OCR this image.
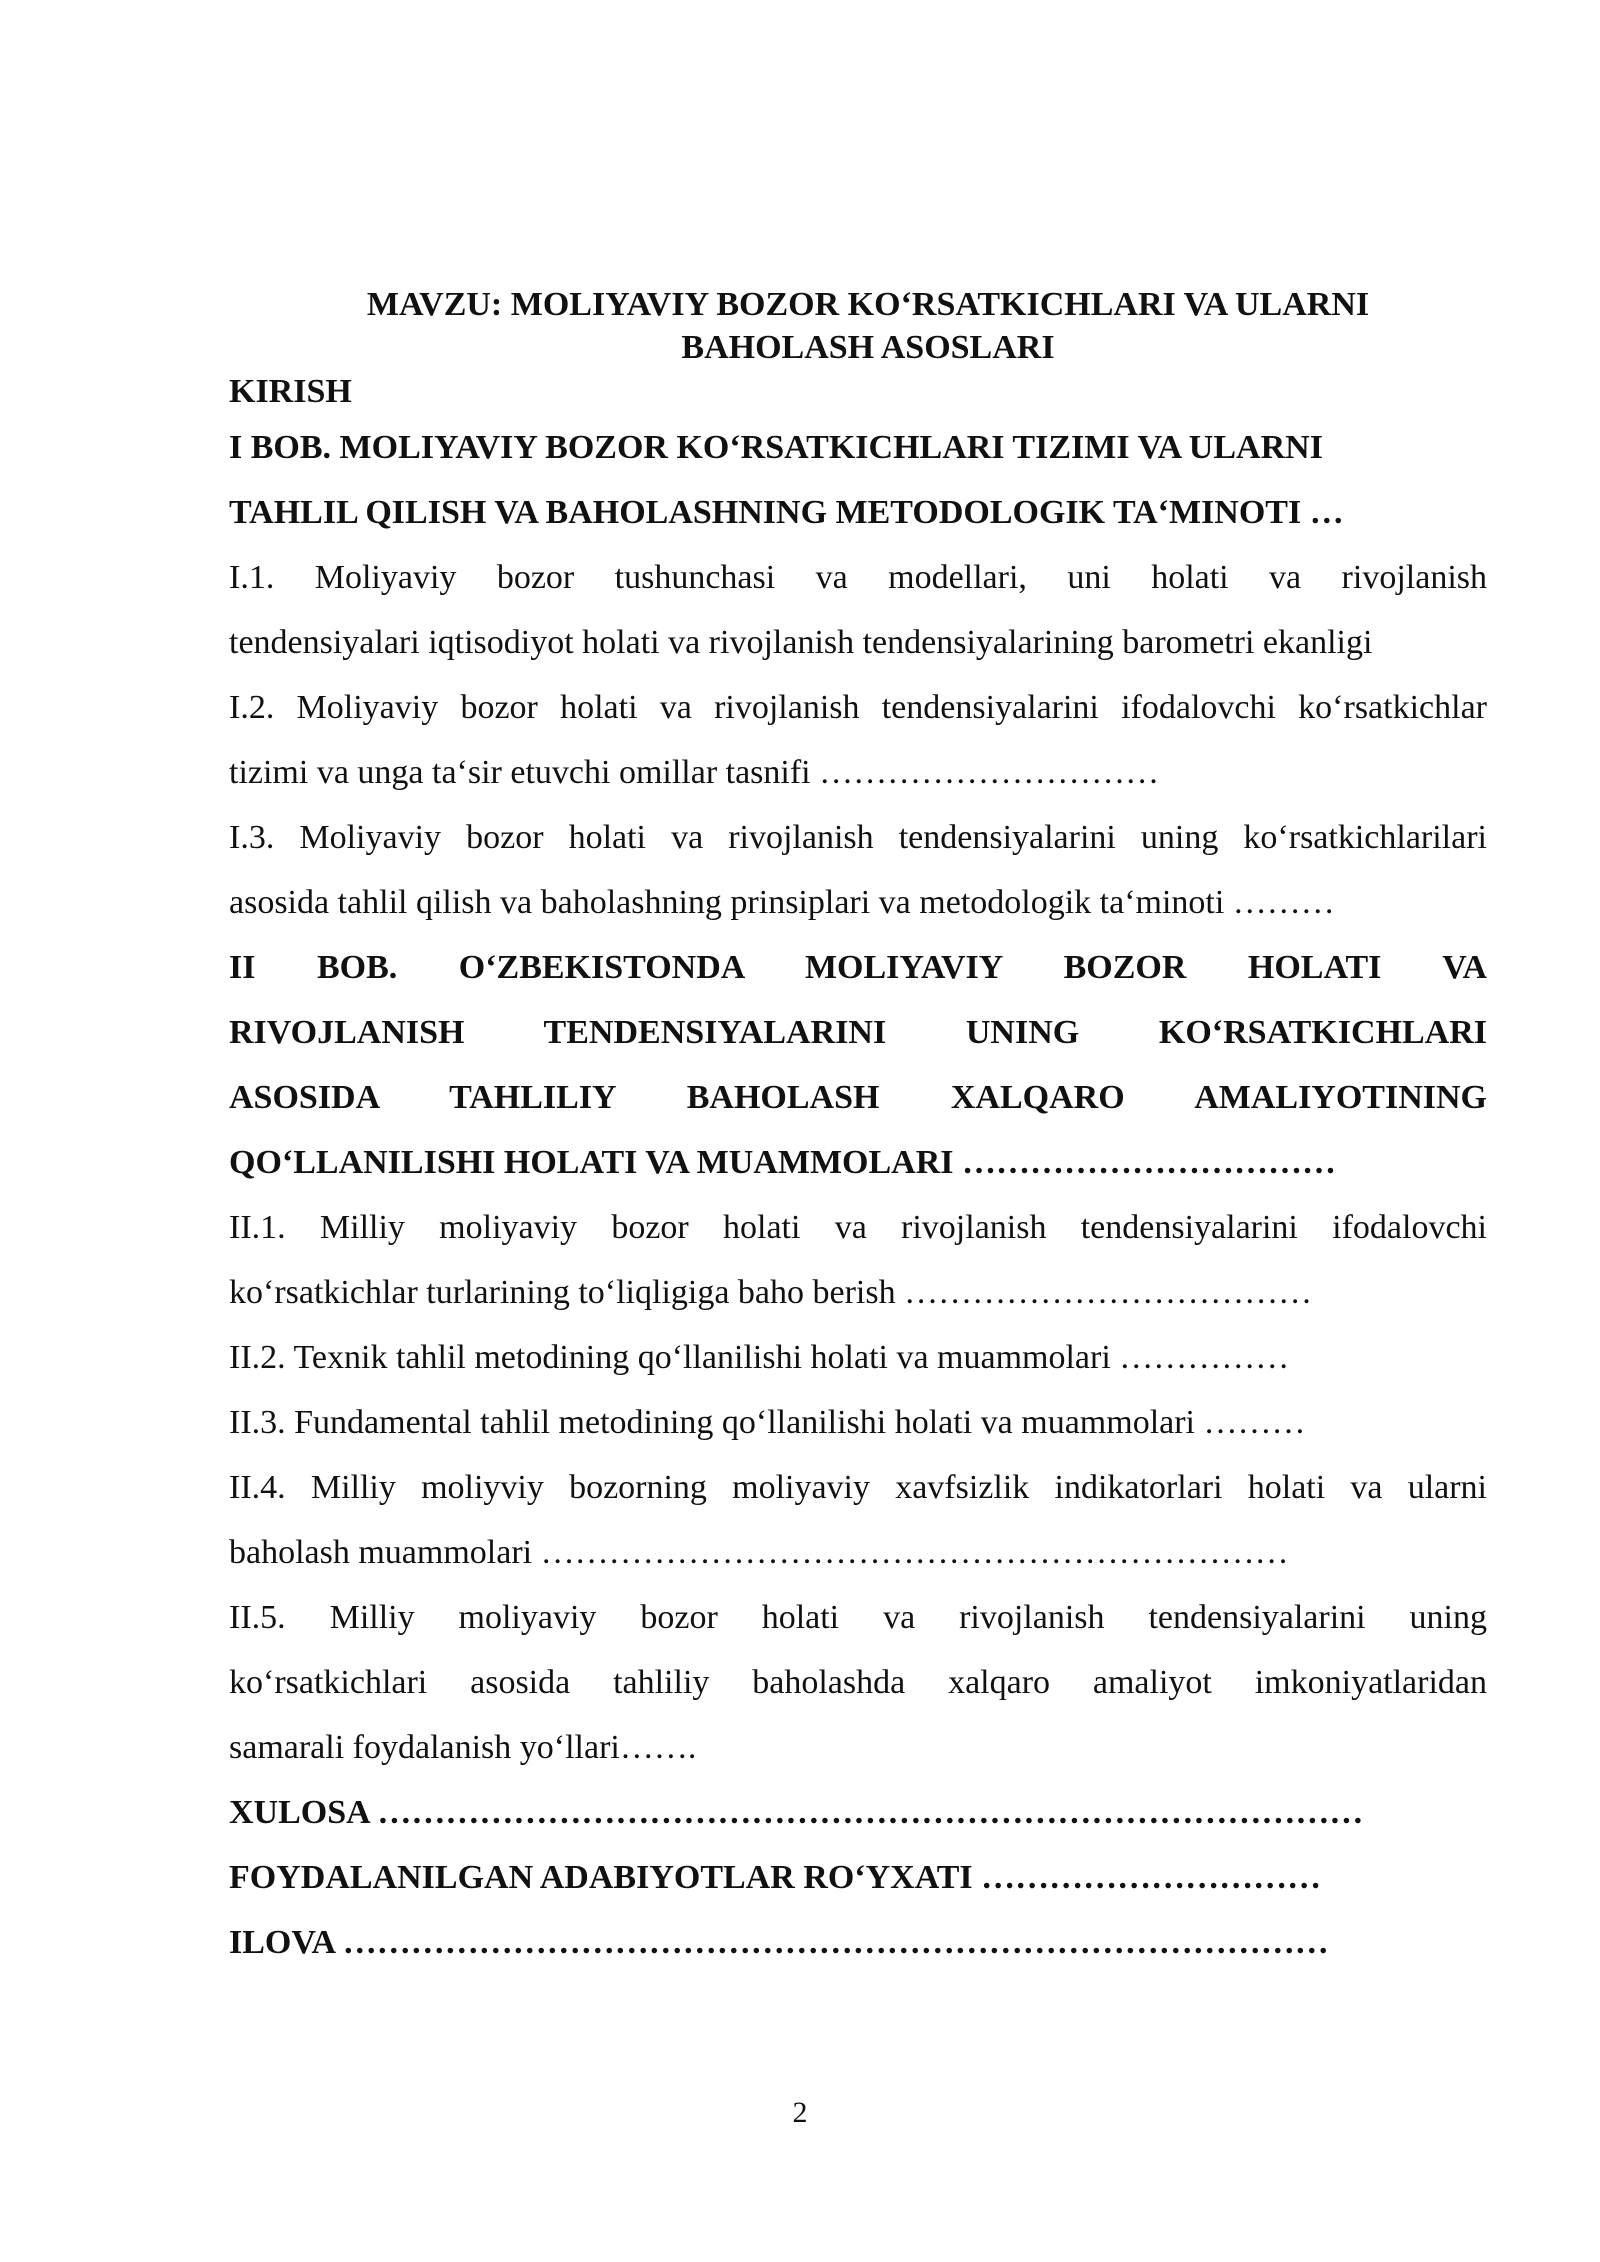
MAVZU: MOLIYAVIY BOZOR KO‘RSATKICHLARI VA ULARNI

BAHOLASH ASOSLARI

KIRISH

I BOB. MOLIYAVIY BOZOR KO‘RSATKICHLARI TIZIMI VA ULARNI

TAHLIL QILISH VA BAHOLASHNING METODOLOGIK TA‘MINOTI …

I.1. Moliyaviy bozor tushunchasi va modellari, uni holati va rivojlanish

tendensiyalari iqtisodiyot holati va rivojlanish tendensiyalarining barometri ekanligi

I.2. Moliyaviy bozor holati va rivojlanish tendensiyalarini ifodalovchi ko‘rsatkichlar

tizimi va unga ta‘sir etuvchi omillar tasnifi …………………………

I.3. Moliyaviy bozor holati va rivojlanish tendensiyalarini uning ko‘rsatkichlarilari

asosida tahlil qilish va baholashning prinsiplari va metodologik ta‘minoti ………

II BOB. O‘ZBEKISTONDA MOLIYAVIY BOZOR HOLATI VA

RIVOJLANISH TENDENSIYALARINI UNING KO‘RSATKICHLARI

ASOSIDA TAHLILIY BAHOLASH XALQARO AMALIYOTINING

QO‘LLANILISHI HOLATI VA MUAMMOLARI ……………………………

II.1. Milliy moliyaviy bozor holati va rivojlanish tendensiyalarini ifodalovchi

ko‘rsatkichlar turlarining to‘liqligiga baho berish ………………………………

II.2. Texnik tahlil metodining qo‘llanilishi holati va muammolari ……………

II.3. Fundamental tahlil metodining qo‘llanilishi holati va muammolari ………

II.4. Milliy moliyviy bozorning moliyaviy xavfsizlik indikatorlari holati va ularni

baholash muammolari …………………………………………………………

II.5. Milliy moliyaviy bozor holati va rivojlanish tendensiyalarini uning

ko‘rsatkichlari asosida tahliliy baholashda xalqaro amaliyot imkoniyatlaridan

samarali foydalanish yo‘llari…….

XULOSA ……………………………………………………………………………

FOYDALANILGAN ADABIYOTLAR RO‘YXATI …………………………

ILOVA ……………………………………………………………………………

2
